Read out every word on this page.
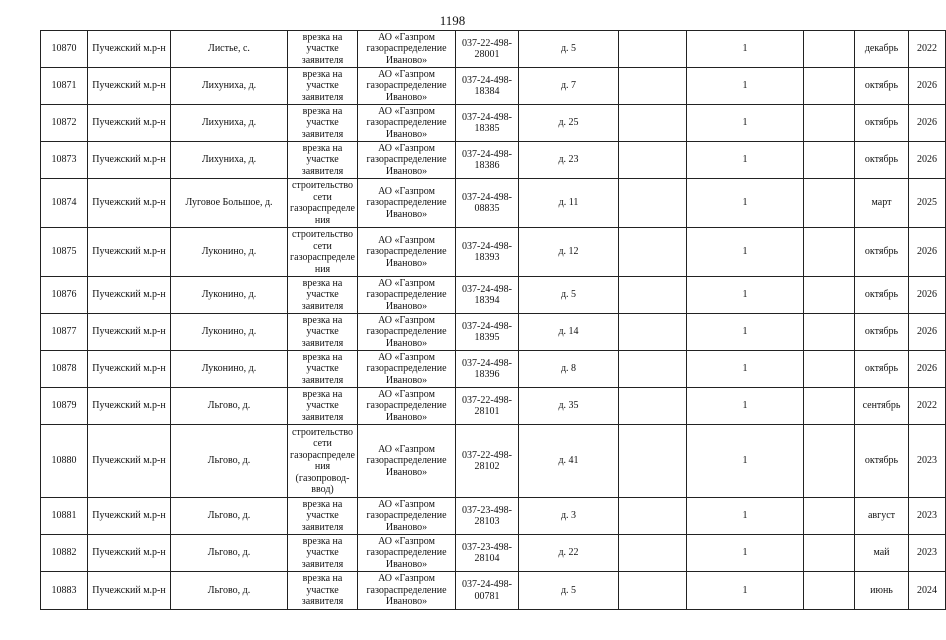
1198
10870	Пучежский м.р-н	Листье, с.	врезка на участке заявителя	АО «Газпром газораспределение Иваново»	037-22-498-28001	д. 5		1		декабрь	2022
10871	Пучежский м.р-н	Лихуниха, д.	врезка на участке заявителя	АО «Газпром газораспределение Иваново»	037-24-498-18384	д. 7		1		октябрь	2026
10872	Пучежский м.р-н	Лихуниха, д.	врезка на участке заявителя	АО «Газпром газораспределение Иваново»	037-24-498-18385	д. 25		1		октябрь	2026
10873	Пучежский м.р-н	Лихуниха, д.	врезка на участке заявителя	АО «Газпром газораспределение Иваново»	037-24-498-18386	д. 23		1		октябрь	2026
10874	Пучежский м.р-н	Луговое Большое, д.	строительство сети газораспределения	АО «Газпром газораспределение Иваново»	037-24-498-08835	д. 11		1		март	2025
10875	Пучежский м.р-н	Луконино, д.	строительство сети газораспределения	АО «Газпром газораспределение Иваново»	037-24-498-18393	д. 12		1		октябрь	2026
10876	Пучежский м.р-н	Луконино, д.	врезка на участке заявителя	АО «Газпром газораспределение Иваново»	037-24-498-18394	д. 5		1		октябрь	2026
10877	Пучежский м.р-н	Луконино, д.	врезка на участке заявителя	АО «Газпром газораспределение Иваново»	037-24-498-18395	д. 14		1		октябрь	2026
10878	Пучежский м.р-н	Луконино, д.	врезка на участке заявителя	АО «Газпром газораспределение Иваново»	037-24-498-18396	д. 8		1		октябрь	2026
10879	Пучежский м.р-н	Льгово, д.	врезка на участке заявителя	АО «Газпром газораспределение Иваново»	037-22-498-28101	д. 35		1		сентябрь	2022
10880	Пучежский м.р-н	Льгово, д.	строительство сети газораспределения (газопровод-ввод)	АО «Газпром газораспределение Иваново»	037-22-498-28102	д. 41		1		октябрь	2023
10881	Пучежский м.р-н	Льгово, д.	врезка на участке заявителя	АО «Газпром газораспределение Иваново»	037-23-498-28103	д. 3		1		август	2023
10882	Пучежский м.р-н	Льгово, д.	врезка на участке заявителя	АО «Газпром газораспределение Иваново»	037-23-498-28104	д. 22		1		май	2023
10883	Пучежский м.р-н	Льгово, д.	врезка на участке заявителя	АО «Газпром газораспределение Иваново»	037-24-498-00781	д. 5		1		июнь	2024
